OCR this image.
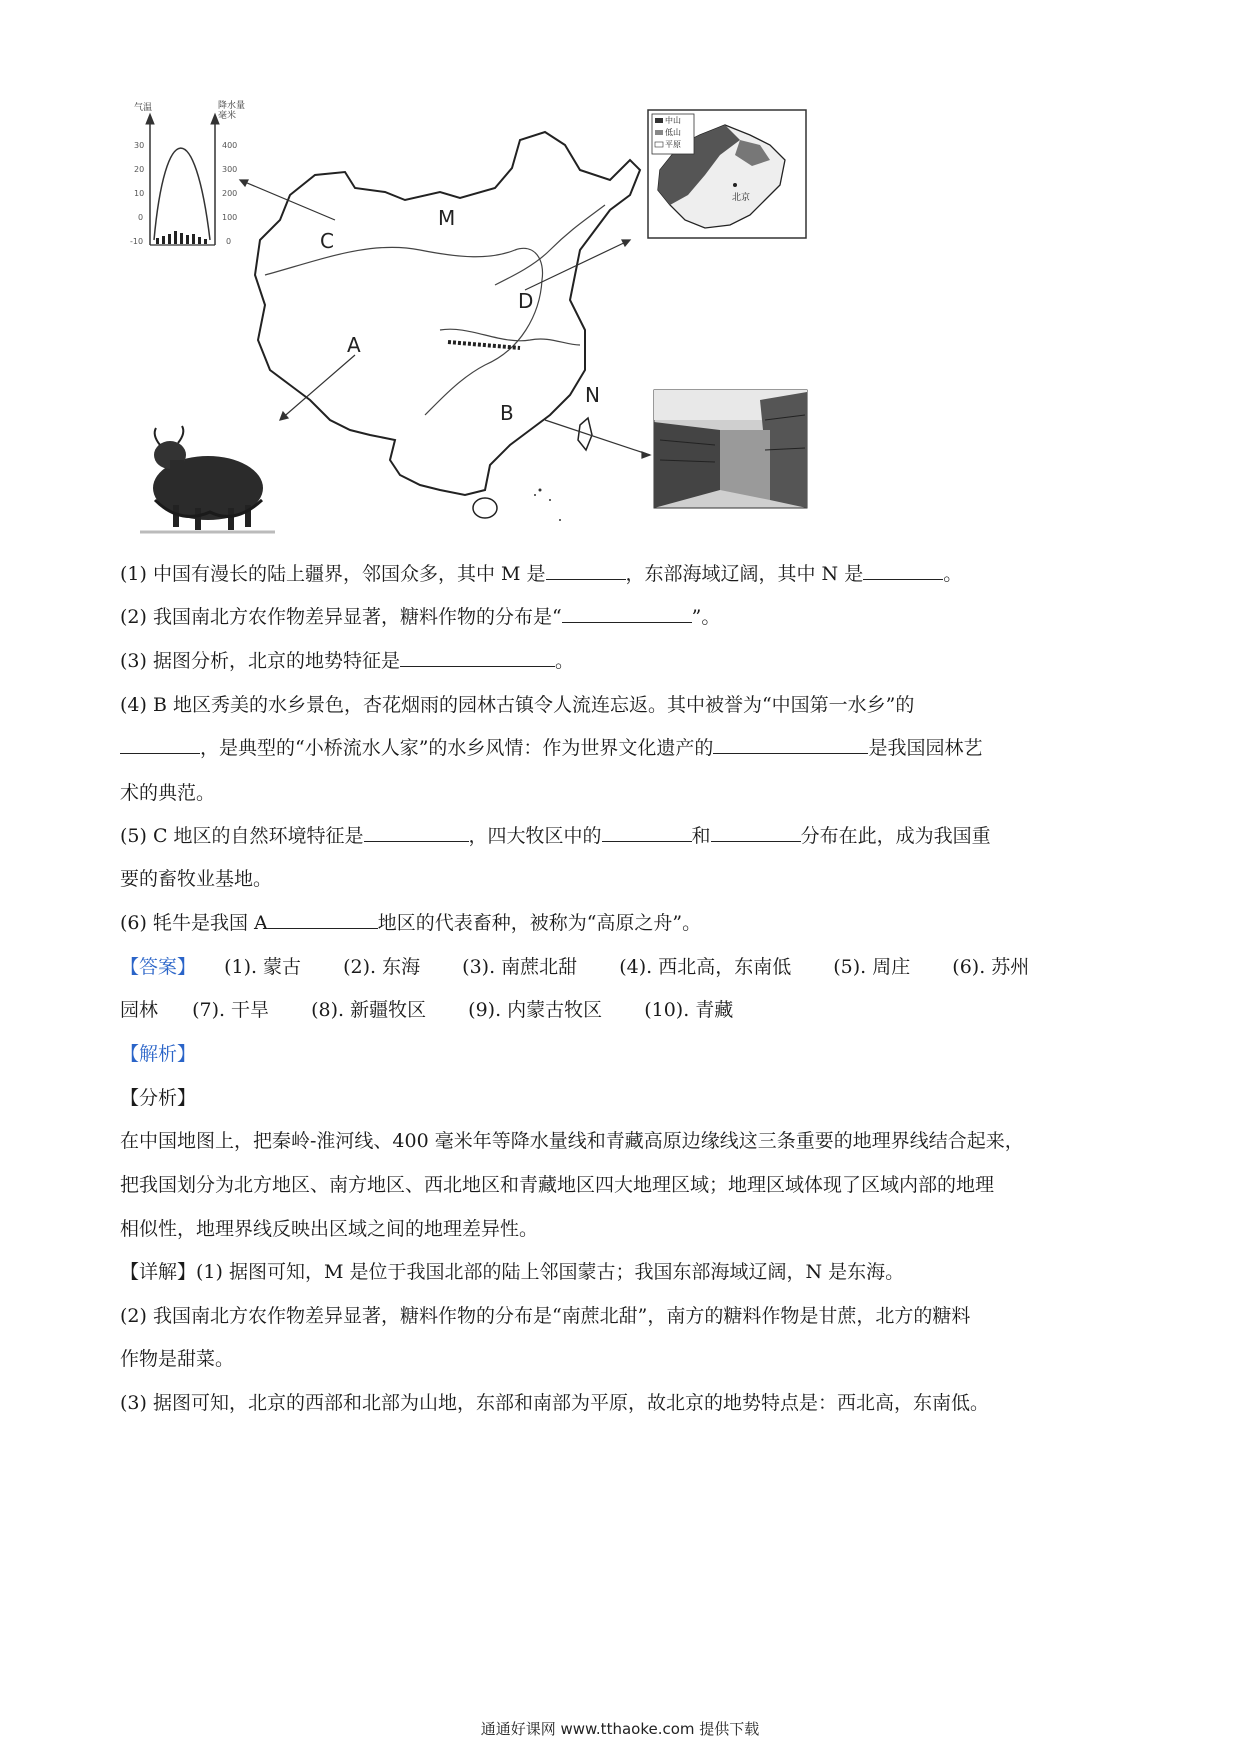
气温	降水量
毫米
30
20
10
0
-10
400
300
200
100
0
M
N
A
B
C
D
中山
低山
平原
北京
(1) 中国有漫长的陆上疆界，邻国众多，其中 M 是	，东部海域辽阔，其中 N 是	。
(2) 我国南北方农作物差异显著，糖料作物的分布是“	”。
(3) 据图分析，北京的地势特征是	。
(4) B 地区秀美的水乡景色，杏花烟雨的园林古镇令人流连忘返。其中被誉为“中国第一水乡”的
，是典型的“小桥流水人家”的水乡风情：作为世界文化遗产的	是我国园林艺
术的典范。
(5) C 地区的自然环境特征是	，四大牧区中的	和	分布在此，成为我国重
要的畜牧业基地。
(6) 牦牛是我国 A	地区的代表畜种，被称为“高原之舟”。
【答案】 (1). 蒙古 (2). 东海 (3). 南蔗北甜 (4). 西北高，东南低 (5). 周庄 (6). 苏州
园林 (7). 干旱 (8). 新疆牧区 (9). 内蒙古牧区 (10). 青藏
【解析】
【分析】
在中国地图上，把秦岭-淮河线、400 毫米年等降水量线和青藏高原边缘线这三条重要的地理界线结合起来，
把我国划分为北方地区、南方地区、西北地区和青藏地区四大地理区域；地理区域体现了区域内部的地理
相似性，地理界线反映出区域之间的地理差异性。
【详解】(1) 据图可知，M 是位于我国北部的陆上邻国蒙古；我国东部海域辽阔，N 是东海。
(2) 我国南北方农作物差异显著，糖料作物的分布是“南蔗北甜”，南方的糖料作物是甘蔗，北方的糖料
作物是甜菜。
(3) 据图可知，北京的西部和北部为山地，东部和南部为平原，故北京的地势特点是：西北高，东南低。
通通好课网 www.tthaoke.com 提供下载
